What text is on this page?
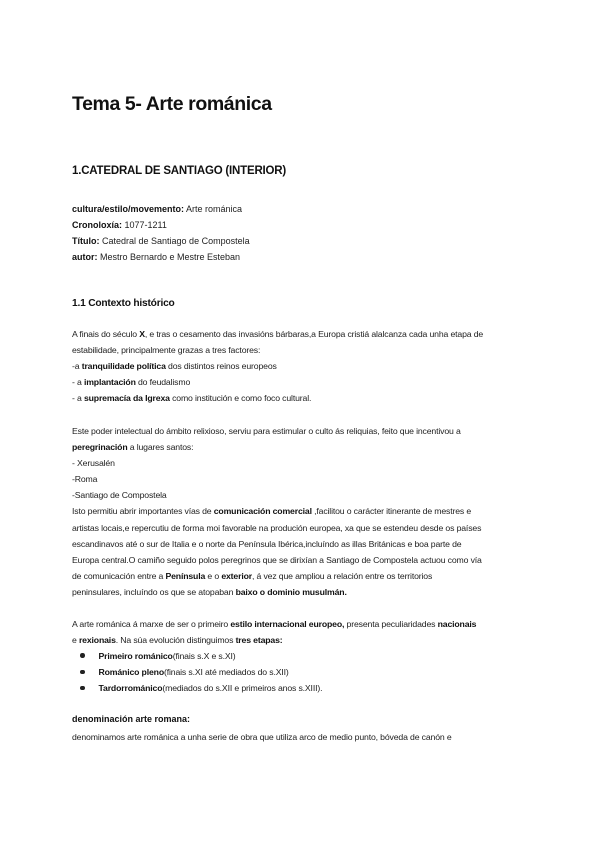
Tema 5- Arte románica
1.CATEDRAL DE SANTIAGO (INTERIOR)
cultura/estilo/movemento: Arte románica
Cronoloxía: 1077-1211
Título: Catedral de Santiago de Compostela
autor: Mestro Bernardo e Mestre Esteban
1.1 Contexto histórico
A finais do século X, e tras o cesamento das invasións bárbaras,a Europa cristiá alalcanza cada unha etapa de
estabilidade, principalmente grazas a tres factores:
-a tranquilidade política dos distintos reinos europeos
- a implantación do feudalismo
- a supremacía da Igrexa como institución e como foco cultural.
Este poder intelectual do ámbito relixioso, serviu para estimular o culto ás reliquias, feito que incentivou a
peregrinación a lugares santos:
- Xerusalén
-Roma
-Santiago de Compostela
Isto permitiu abrir importantes vías de comunicación comercial ,facilitou o carácter itinerante de mestres e
artistas locais,e repercutiu de forma moi favorable na produción europea, xa que se estendeu desde os países
escandinavos até o sur de Italia e o norte da Península Ibérica,incluíndo as illas Británicas e boa parte de
Europa central.O camiño seguido polos peregrinos que se dirixían a Santiago de Compostela actuou como vía
de comunicación entre a Península e o exterior, á vez que ampliou a relación entre os territorios
peninsulares, incluíndo os que se atopaban baixo o dominio musulmán.
A arte románica á marxe de ser o primeiro estilo internacional europeo, presenta peculiaridades nacionais
e rexionais. Na súa evolución distinguimos tres etapas:
Primeiro románico(finais s.X e s.XI)
Románico pleno(finais s.XI até mediados do s.XII)
Tardorrománico(mediados do s.XII e primeiros anos s.XIII).
denominación arte romana:
denominamos arte románica a unha serie de obra que utiliza arco de medio punto, bóveda de canón e
